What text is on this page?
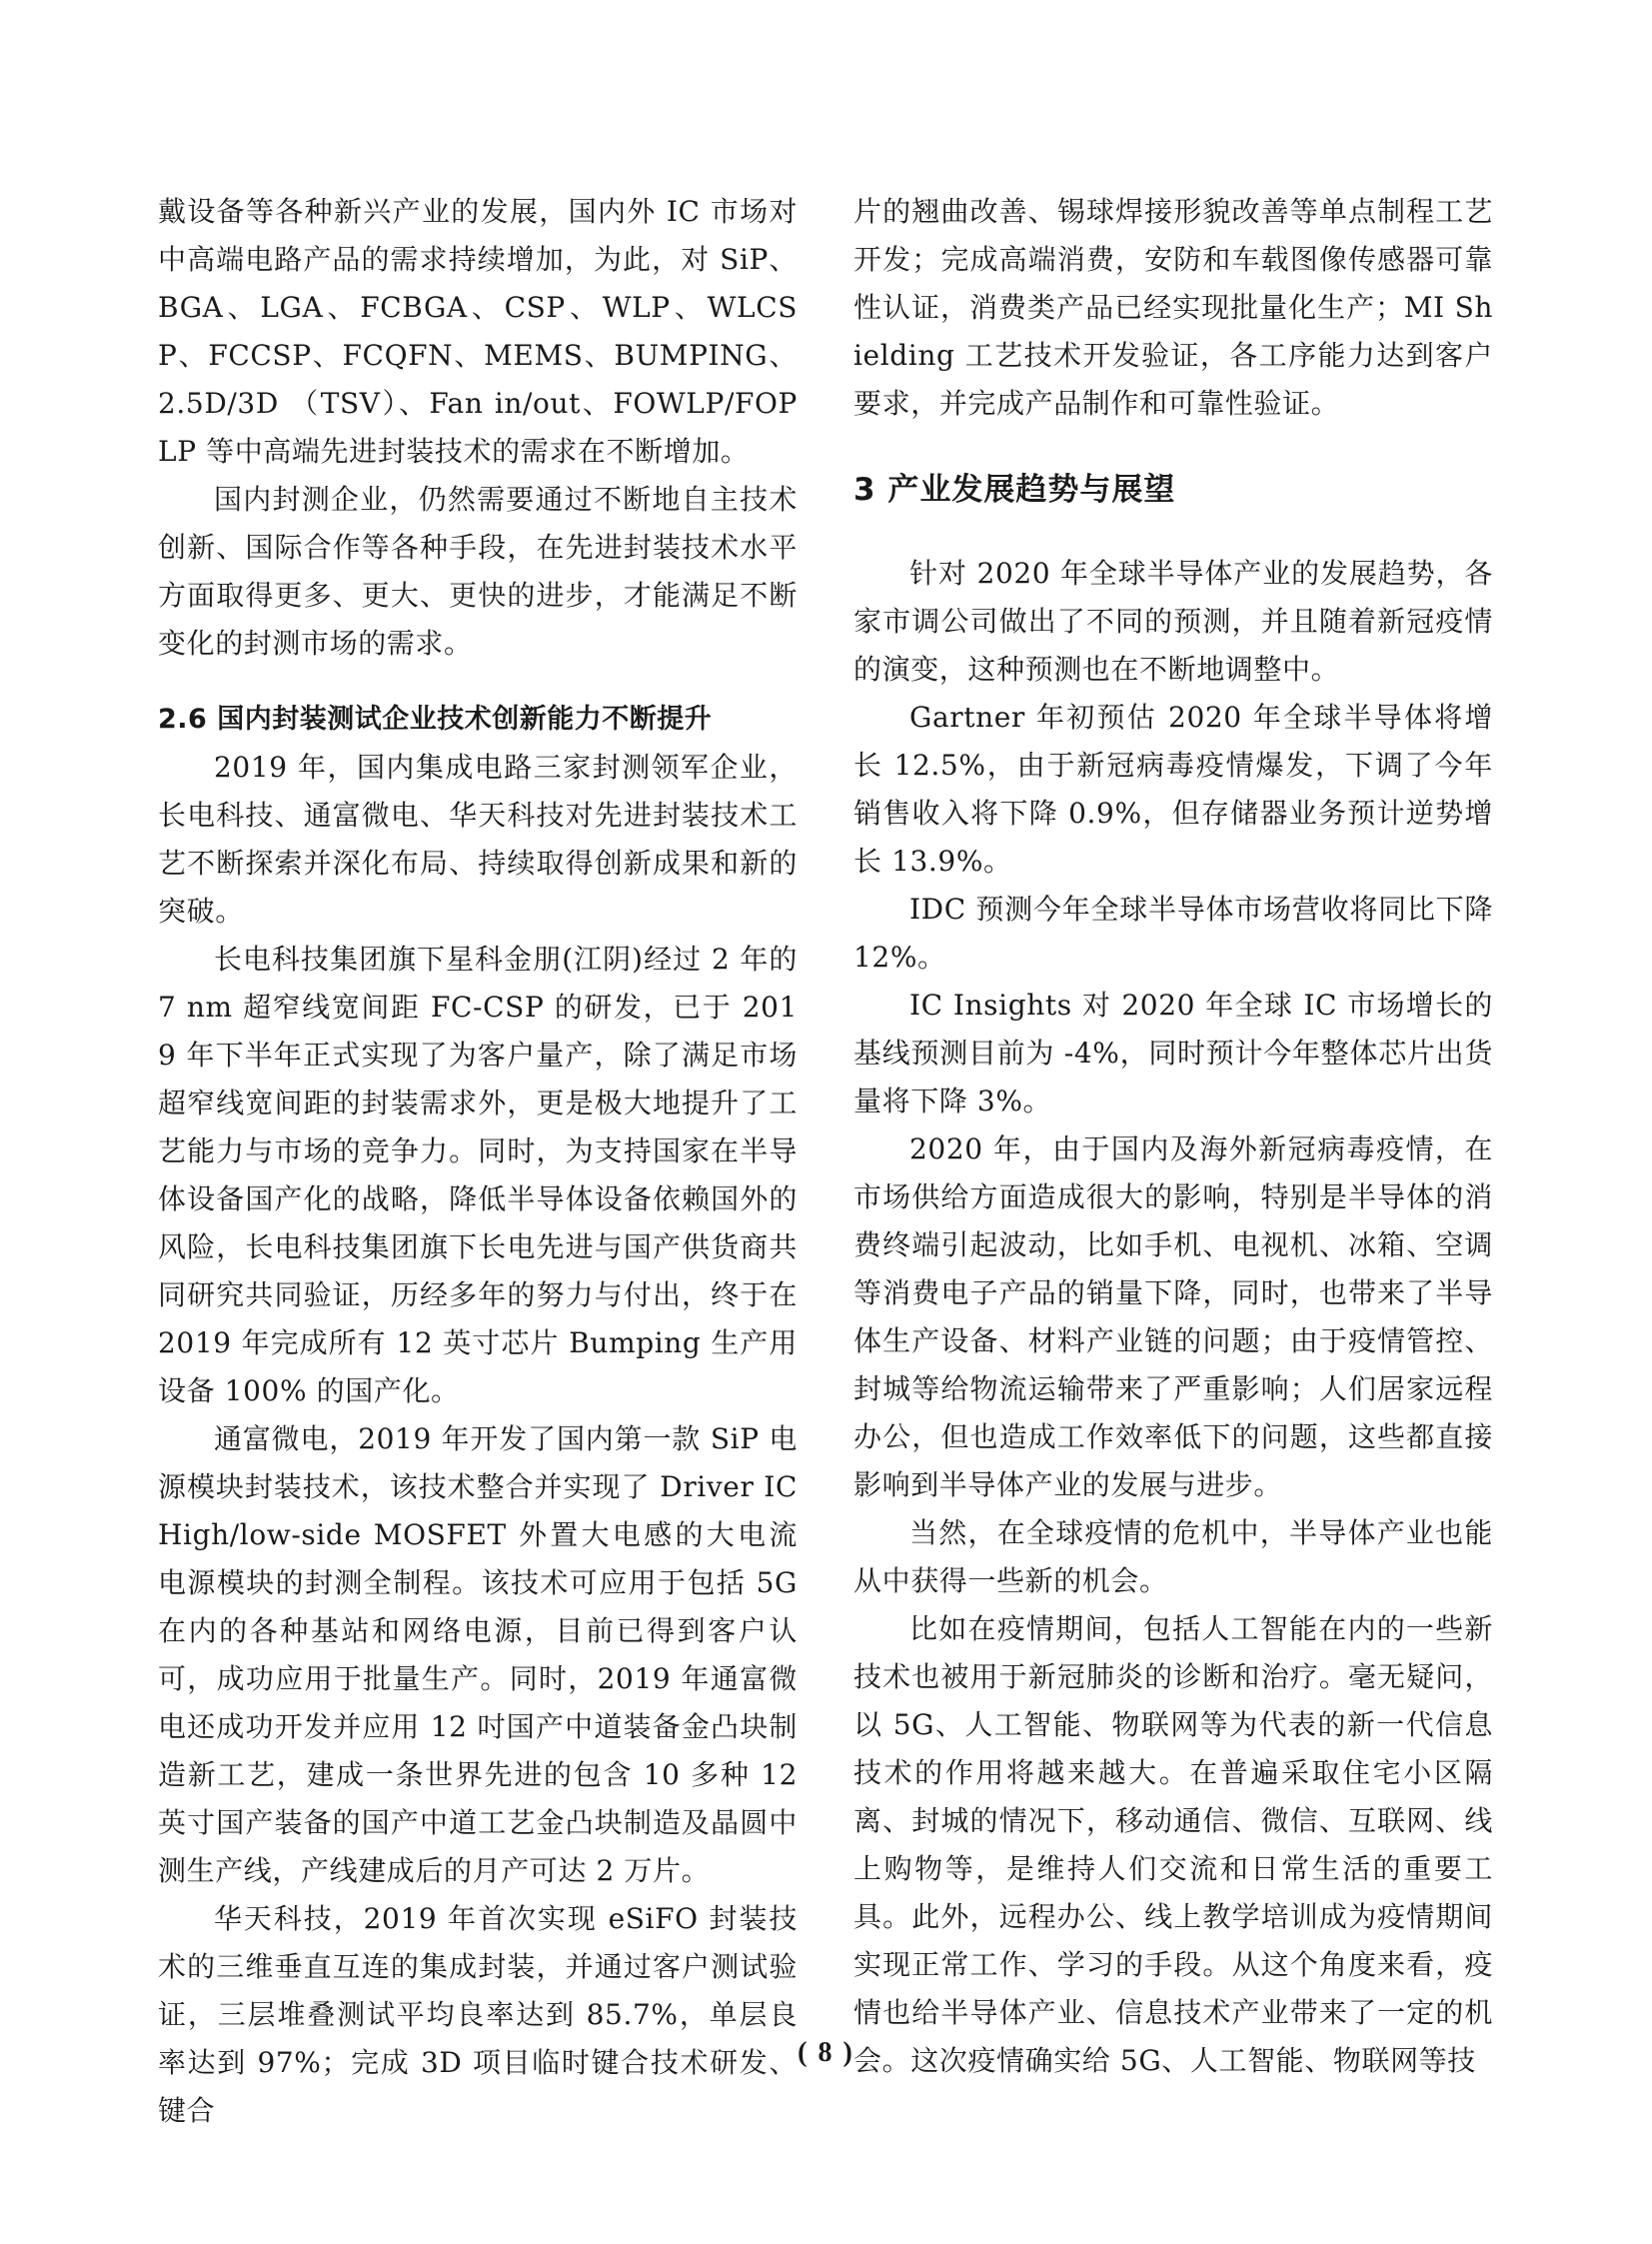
戴设备等各种新兴产业的发展，国内外 IC 市场对中高端电路产品的需求持续增加，为此，对 SiP、BGA、LGA、FCBGA、CSP、WLP、WLCSP、FCCSP、FCQFN、MEMS、BUMPING、2.5D/3D （TSV）、Fan in/out、FOWLP/FOPLP 等中高端先进封装技术的需求在不断增加。

国内封测企业，仍然需要通过不断地自主技术创新、国际合作等各种手段，在先进封装技术水平方面取得更多、更大、更快的进步，才能满足不断变化的封测市场的需求。

2.6 国内封装测试企业技术创新能力不断提升

2019 年，国内集成电路三家封测领军企业，长电科技、通富微电、华天科技对先进封装技术工艺不断探索并深化布局、持续取得创新成果和新的突破。

长电科技集团旗下星科金朋(江阴)经过 2 年的 7 nm 超窄线宽间距 FC-CSP 的研发，已于 2019 年下半年正式实现了为客户量产，除了满足市场超窄线宽间距的封装需求外，更是极大地提升了工艺能力与市场的竞争力。同时，为支持国家在半导体设备国产化的战略，降低半导体设备依赖国外的风险，长电科技集团旗下长电先进与国产供货商共同研究共同验证，历经多年的努力与付出，终于在 2019 年完成所有 12 英寸芯片 Bumping 生产用设备 100% 的国产化。

通富微电，2019 年开发了国内第一款 SiP 电源模块封装技术，该技术整合并实现了 Driver IC High/low-side MOSFET 外置大电感的大电流电源模块的封测全制程。该技术可应用于包括 5G 在内的各种基站和网络电源，目前已得到客户认可，成功应用于批量生产。同时，2019 年通富微电还成功开发并应用 12 吋国产中道装备金凸块制造新工艺，建成一条世界先进的包含 10 多种 12 英寸国产装备的国产中道工艺金凸块制造及晶圆中测生产线，产线建成后的月产可达 2 万片。

华天科技，2019 年首次实现 eSiFO 封装技术的三维垂直互连的集成封装，并通过客户测试验证，三层堆叠测试平均良率达到 85.7%，单层良率达到 97%；完成 3D 项目临时键合技术研发、键合

片的翘曲改善、锡球焊接形貌改善等单点制程工艺开发；完成高端消费，安防和车载图像传感器可靠性认证，消费类产品已经实现批量化生产；MI Shielding 工艺技术开发验证，各工序能力达到客户要求，并完成产品制作和可靠性验证。

3 产业发展趋势与展望

针对 2020 年全球半导体产业的发展趋势，各家市调公司做出了不同的预测，并且随着新冠疫情的演变，这种预测也在不断地调整中。

Gartner 年初预估 2020 年全球半导体将增长 12.5%，由于新冠病毒疫情爆发，下调了今年销售收入将下降 0.9%，但存储器业务预计逆势增长 13.9%。

IDC 预测今年全球半导体市场营收将同比下降 12%。

IC Insights 对 2020 年全球 IC 市场增长的基线预测目前为 -4%，同时预计今年整体芯片出货量将下降 3%。

2020 年，由于国内及海外新冠病毒疫情，在市场供给方面造成很大的影响，特别是半导体的消费终端引起波动，比如手机、电视机、冰箱、空调等消费电子产品的销量下降，同时，也带来了半导体生产设备、材料产业链的问题；由于疫情管控、封城等给物流运输带来了严重影响；人们居家远程办公，但也造成工作效率低下的问题，这些都直接影响到半导体产业的发展与进步。

当然，在全球疫情的危机中，半导体产业也能从中获得一些新的机会。

比如在疫情期间，包括人工智能在内的一些新技术也被用于新冠肺炎的诊断和治疗。毫无疑问，以 5G、人工智能、物联网等为代表的新一代信息技术的作用将越来越大。在普遍采取住宅小区隔离、封城的情况下，移动通信、微信、互联网、线上购物等，是维持人们交流和日常生活的重要工具。此外，远程办公、线上教学培训成为疫情期间实现正常工作、学习的手段。从这个角度来看，疫情也给半导体产业、信息技术产业带来了一定的机会。这次疫情确实给 5G、人工智能、物联网等技

( 8 )
